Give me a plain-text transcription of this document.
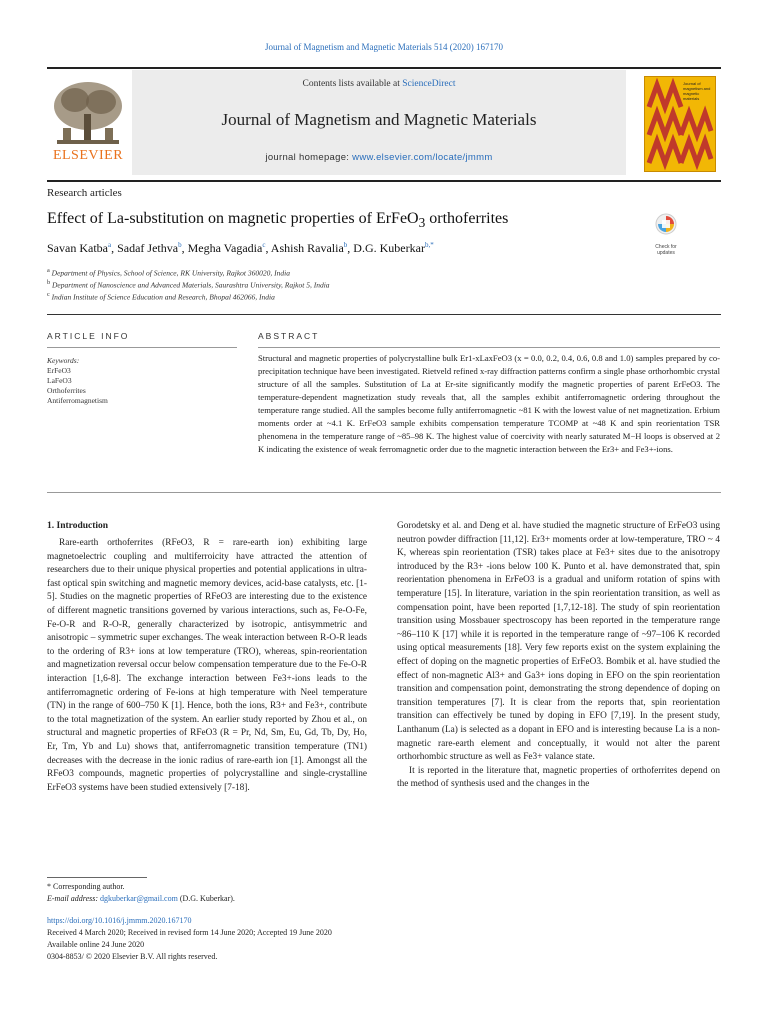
Journal of Magnetism and Magnetic Materials 514 (2020) 167170
Contents lists available at ScienceDirect
Journal of Magnetism and Magnetic Materials
journal homepage: www.elsevier.com/locate/jmmm
ELSEVIER
Journal of magnetism and magnetic materials
Research articles
Effect of La-substitution on magnetic properties of ErFeO$_3$ orthoferrites
Check for updates
Savan Katba$^a$, Sadaf Jethva$^b$, Megha Vagadia$^c$, Ashish Ravalia$^b$, D.G. Kuberkar$^{b,*}$
$^a$ Department of Physics, School of Science, RK University, Rajkot 360020, India
$^b$ Department of Nanoscience and Advanced Materials, Saurashtra University, Rajkot 5, India
$^c$ Indian Institute of Science Education and Research, Bhopal 462066, India
ARTICLE INFO	ABSTRACT
Keywords:
ErFeO3
LaFeO3
Orthoferrites
Antiferromagnetism
Structural and magnetic properties of polycrystalline bulk Er1-xLaxFeO3 (x = 0.0, 0.2, 0.4, 0.6, 0.8 and 1.0) samples prepared by co-precipitation technique have been investigated. Rietveld refined x-ray diffraction patterns confirm a single phase orthorhombic crystal structure of all the samples. Substitution of La at Er-site significantly modify the magnetic properties of parent ErFeO3. The temperature-dependent magnetization study reveals that, all the samples exhibit antiferromagnetic ordering throughout the temperature range studied. All the samples become fully antiferromagnetic ~81 K with the lowest value of net magnetization. Erbium moments order at ~4.1 K. ErFeO3 sample exhibits compensation temperature TCOMP at ~48 K and spin reorientation TSR phenomena in the temperature range of ~85–98 K. The highest value of coercivity with nearly saturated M−H loops is observed at 2 K indicating the existence of weak ferromagnetic order due to the magnetic interaction between the Er3+ and Fe3+-ions.
1. Introduction

Rare-earth orthoferrites (RFeO3, R = rare-earth ion) exhibiting large magnetoelectric coupling and multiferroicity have attracted the attention of researchers due to their unique physical properties and potential applications in ultra-fast optical spin switching and magnetic memory devices, acid-base catalysts, etc. [1-5]. Studies on the magnetic properties of RFeO3 are interesting due to the existence of different magnetic transitions governed by various interactions, such as, Fe-O-Fe, Fe-O-R and R-O-R, generally characterized by isotropic, antisymmetric and anisotropic – symmetric super exchanges. The weak interaction between R-O-R leads to the ordering of R3+ ions at low temperature (TRO), whereas, spin-reorientation and magnetization reversal occur below compensation temperature due to the Fe-O-R interaction [1,6-8]. The exchange interaction between Fe3+-ions leads to the antiferromagnetic ordering of Fe-ions at high temperature with Neel temperature (TN) in the range of 600–750 K [1]. Hence, both the ions, R3+ and Fe3+, contribute to the total magnetization of the system. An earlier study reported by Zhou et al., on structural and magnetic properties of RFeO3 (R = Pr, Nd, Sm, Eu, Gd, Tb, Dy, Ho, Er, Tm, Yb and Lu) shows that, antiferromagnetic transition temperature (TN1) decreases with the decrease in the ionic radius of rare-earth ion [1]. Amongst all the RFeO3 compounds, magnetic properties of polycrystalline and single-crystalline ErFeO3 systems have been studied extensively [7-18].

Gorodetsky et al. and Deng et al. have studied the magnetic structure of ErFeO3 using neutron powder diffraction [11,12]. Er3+ moments order at low-temperature, TRO ~ 4 K, whereas spin reorientation (TSR) takes place at Fe3+ sites due to the anisotropy introduced by the R3+ -ions below 100 K. Punto et al. have demonstrated that, spin reorientation phenomena in ErFeO3 is a gradual and uniform rotation of spins with temperature [15]. In literature, variation in the spin reorientation transition, as well as compensation point, have been reported [1,7,12-18]. The study of spin reorientation transition using Mossbauer spectroscopy has been reported in the temperature range ~86–110 K [17] while it is reported in the temperature range of ~97–106 K recorded using optical measurements [18]. Very few reports exist on the system explaining the effect of doping on the magnetic properties of ErFeO3. Bombik et al. have studied the effect of non-magnetic Al3+ and Ga3+ ions doping in EFO on the spin reorientation transition and compensation point, demonstrating the strong dependence of doping on transition temperatures [7]. It is clear from the reports that, spin reorientation transition can effectively be tuned by doping in EFO [7,19]. In the present study, Lanthanum (La) is selected as a dopant in EFO and is interesting because La is a non-magnetic rare-earth element and conceptually, it would not alter the parent orthorhombic structure as well as Fe3+ valance state.

It is reported in the literature that, magnetic properties of orthoferrites depend on the method of synthesis used and the changes in the

* Corresponding author.
E-mail address: dgkuberkar@gmail.com (D.G. Kuberkar).
https://doi.org/10.1016/j.jmmm.2020.167170
Received 4 March 2020; Received in revised form 14 June 2020; Accepted 19 June 2020
Available online 24 June 2020
0304-8853/ © 2020 Elsevier B.V. All rights reserved.
